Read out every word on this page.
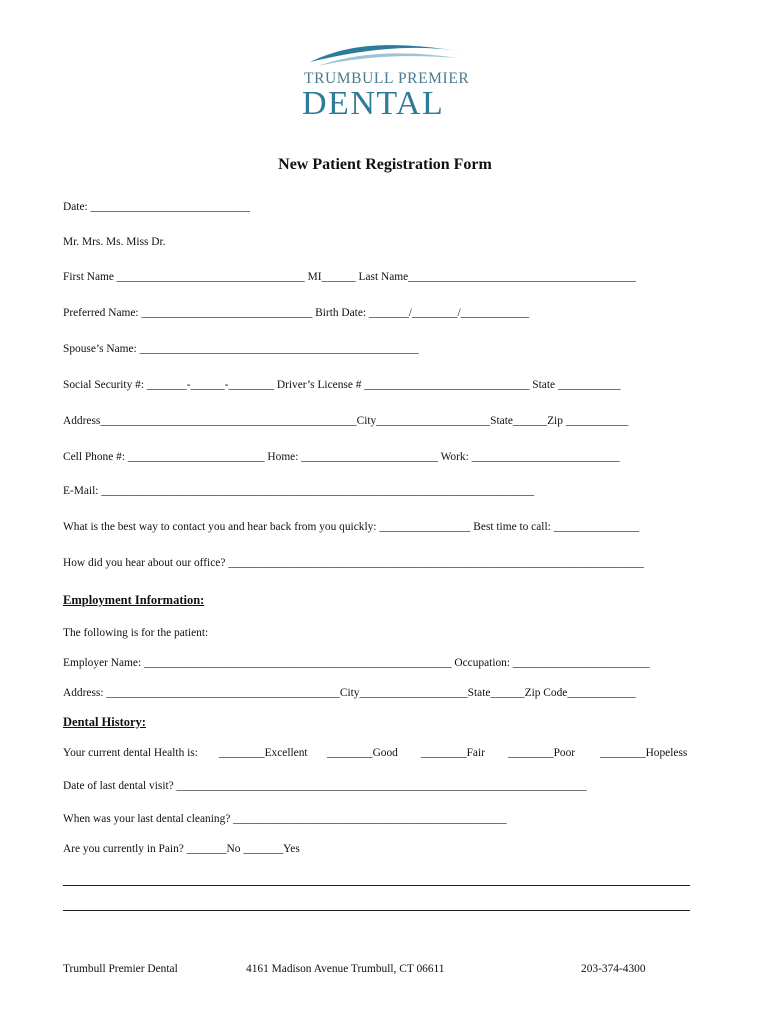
TRUMBULL PREMIER
DENTAL
New Patient Registration Form
Date: ____________________________
Mr. Mrs. Ms. Miss Dr.
First Name _________________________________ MI______ Last Name________________________________________
Preferred Name: ______________________________ Birth Date: _______/________/____________
Spouse’s Name: _________________________________________________
Social Security #: _______-______-________ Driver’s License # _____________________________ State ___________
Address_____________________________________________City____________________State______Zip ___________
Cell Phone #: ________________________ Home: ________________________ Work: __________________________
E-Mail: ____________________________________________________________________________
What is the best way to contact you and hear back from you quickly: ________________ Best time to call: _______________
How did you hear about our office? _________________________________________________________________________
Employment Information:
The following is for the patient:
Employer Name: ______________________________________________________ Occupation: ________________________
Address: _________________________________________City___________________State______Zip Code____________
Dental History:
Your current dental Health is: ________Excellent ________Good ________Fair ________Poor ________Hopeless
Date of last dental visit? ________________________________________________________________________
When was your last dental cleaning? ________________________________________________
Are you currently in Pain? _______No _______Yes
Trumbull Premier Dental	4161 Madison Avenue Trumbull, CT 06611	203-374-4300
